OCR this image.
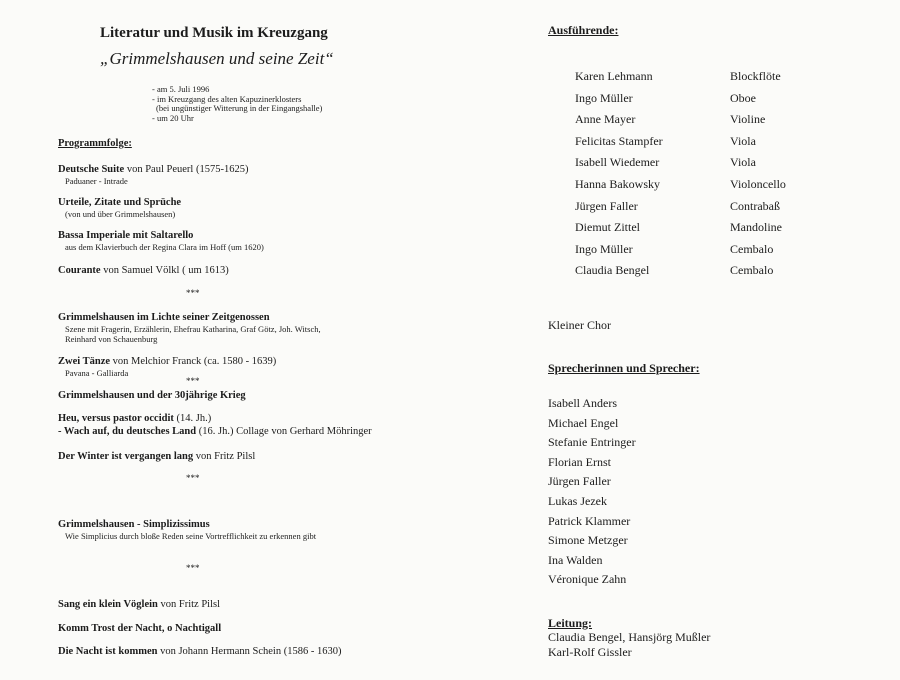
Literatur und Musik im Kreuzgang
„Grimmelshausen und seine Zeit“
- am 5. Juli 1996
- im Kreuzgang des alten Kapuzinerklosters
(bei ungünstiger Witterung in der Eingangshalle)
- um 20 Uhr
Programmfolge:
Deutsche Suite von Paul Peuerl (1575-1625)
Paduaner - Intrade
Urteile, Zitate und Sprüche
(von und über Grimmelshausen)
Bassa Imperiale mit Saltarello
aus dem Klavierbuch der Regina Clara im Hoff (um 1620)
Courante von Samuel Völkl ( um 1613)
***
Grimmelshausen im Lichte seiner Zeitgenossen
Szene mit Fragerin, Erzählerin, Ehefrau Katharina, Graf Götz, Joh. Witsch,
Reinhard von Schauenburg
Zwei Tänze von Melchior Franck (ca. 1580 - 1639)
Pavana - Galliarda
***
Grimmelshausen und der 30jährige Krieg
Heu, versus pastor occidit (14. Jh.)
- Wach auf, du deutsches Land (16. Jh.) Collage von Gerhard Möhringer
Der Winter ist vergangen lang von Fritz Pilsl
***
Grimmelshausen - Simplizissimus
Wie Simplicius durch bloße Reden seine Vortrefflichkeit zu erkennen gibt
***
Sang ein klein Vöglein von Fritz Pilsl
Komm Trost der Nacht, o Nachtigall
Die Nacht ist kommen von Johann Hermann Schein (1586 - 1630)
Ausführende:
Karen Lehmann
Ingo Müller
Anne Mayer
Felicitas Stampfer
Isabell Wiedemer
Hanna Bakowsky
Jürgen Faller
Diemut Zittel
Ingo Müller
Claudia Bengel
Blockflöte
Oboe
Violine
Viola
Viola
Violoncello
Contrabaß
Mandoline
Cembalo
Cembalo
Kleiner Chor
Sprecherinnen und Sprecher:
Isabell Anders
Michael Engel
Stefanie Entringer
Florian Ernst
Jürgen Faller
Lukas Jezek
Patrick Klammer
Simone Metzger
Ina Walden
Véronique Zahn
Leitung:
Claudia Bengel, Hansjörg Mußler
Karl-Rolf Gissler
